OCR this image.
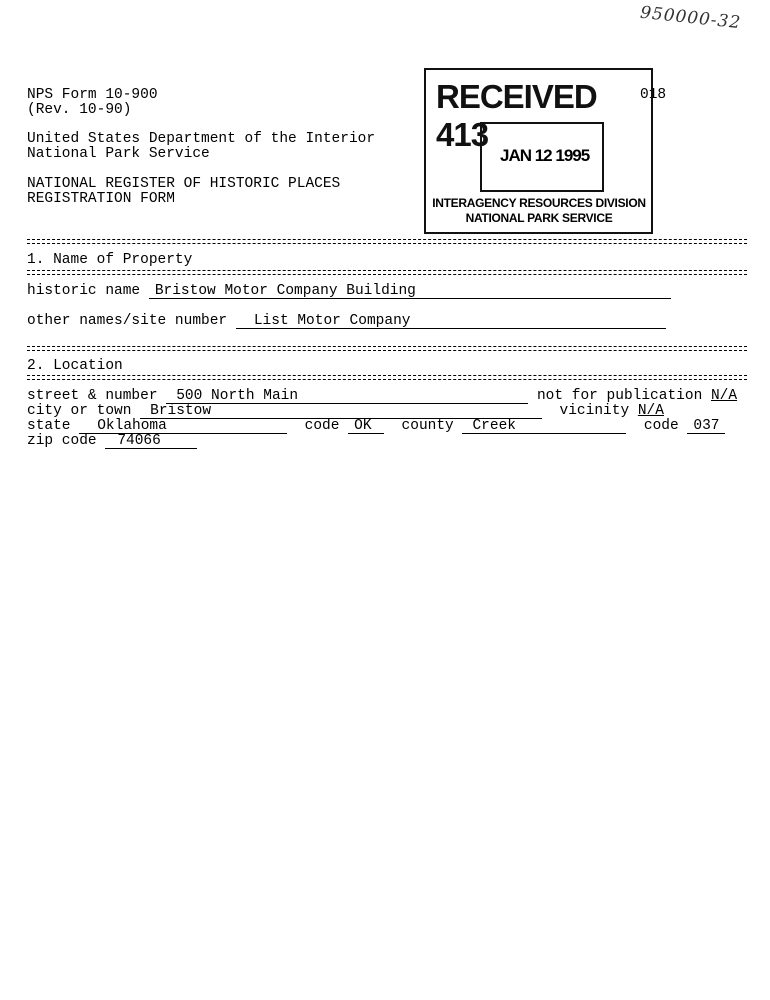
950000-32
NPS Form 10-900
(Rev. 10-90)
United States Department of the Interior
National Park Service
NATIONAL REGISTER OF HISTORIC PLACES
REGISTRATION FORM
018
RECEIVED 413
JAN 12 1995
INTERAGENCY RESOURCES DIVISION
NATIONAL PARK SERVICE
1. Name of Property
historic name Bristow Motor Company Building
other names/site number List Motor Company
2. Location
street & number 500 North Main	not for publication N/A
city or town Bristow	vicinity N/A
state Oklahoma	code OK county Creek	code 037
zip code 74066
